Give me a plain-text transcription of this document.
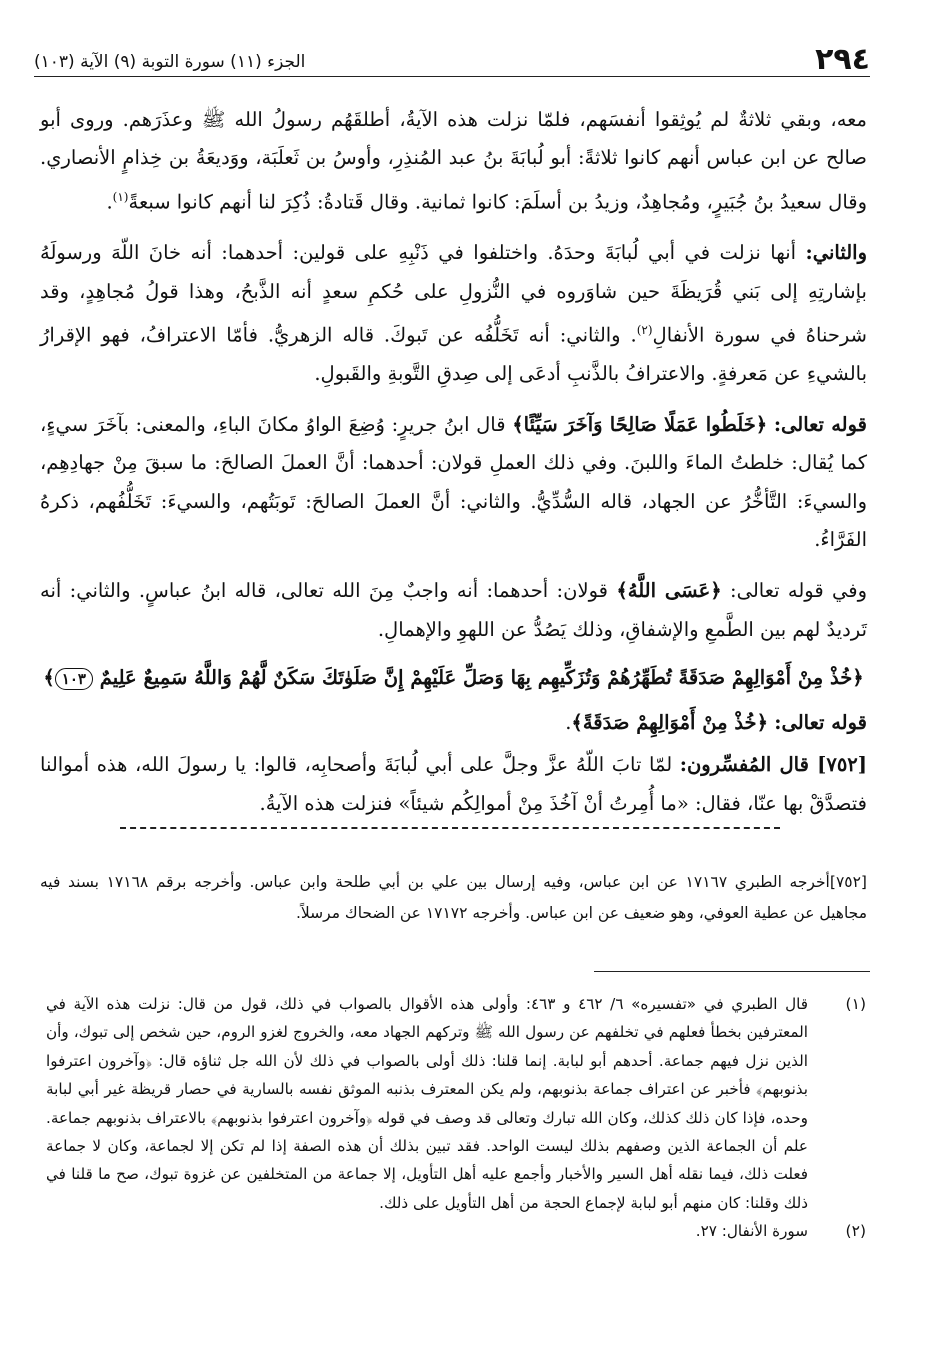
٢٩٤
الجزء (١١) سورة التوبة (٩) الآية (١٠٣)

معه، وبقي ثلاثةٌ لم يُوثِقوا أنفسَهم، فلمّا نزلت هذه الآيةُ، أطلقَهُم رسولُ الله ﷺ وعذَرَهم. وروى أبو صالح عن ابن عباس أنهم كانوا ثلاثةً: أبو لُبابَةَ بنُ عبد المُنذِرِ، وأوسُ بن ثَعلَبَة، ووَديعَةُ بن خِذامٍ الأنصاري. وقال سعيدُ بنُ جُبَيرٍ، ومُجاهِدٌ، وزيدُ بن أسلَمَ: كانوا ثمانية. وقال قَتادةُ: ذُكِرَ لنا أنهم كانوا سبعةً$^{(١)}$.

والثاني: أنها نزلت في أبي لُبابَةَ وحدَهُ. واختلفوا في ذَنْبِهِ على قولين: أحدهما: أنه خانَ اللّهَ ورسولَهُ بإشارتِهِ إلى بَني قُرَيظَةَ حين شاوَروه في النُّزولِ على حُكمِ سعدٍ أنه الذَّبحُ، وهذا قولُ مُجاهِدٍ، وقد شرحناهُ في سورة الأنفالِ$^{(٢)}$. والثاني: أنه تَخَلُّفُه عن تَبوكَ. قاله الزهريُّ. فأمّا الاعترافُ، فهو الإقرارُ بالشيءِ عن مَعرفةٍ. والاعترافُ بالذَّنبِ أدعَى إلى صِدقِ التَّوبةِ والقَبولِ.

قوله تعالى: ﴿خَلَطُوا عَمَلًا صَالِحًا وَآخَرَ سَيِّئًا﴾ قال ابنُ جريرٍ: وُضِعَ الواوُ مكانَ الباءِ، والمعنى: بآخَرَ سيءٍ، كما يُقال: خلطتُ الماءَ واللبنَ. وفي ذلك العملِ قولان: أحدهما: أنَّ العملَ الصالحَ: ما سبقَ مِنْ جهادِهِم، والسيءَ: التَّأخُّرُ عن الجهاد، قاله السُّدِّيُّ. والثاني: أنَّ العملَ الصالحَ: تَوبَتُهم، والسيءَ: تَخَلُّفُهم، ذكرهُ الفَرَّاءُ.

وفي قوله تعالى: ﴿عَسَى اللَّهُ﴾ قولان: أحدهما: أنه واجبٌ مِنَ الله تعالى، قاله ابنُ عباسٍ. والثاني: أنه تَرديدٌ لهم بين الطَّمعِ والإشفاقِ، وذلك يَصُدُّ عن اللهوِ والإهمالِ.

﴿خُذْ مِنْ أَمْوَالِهِمْ صَدَقَةً تُطَهِّرُهُمْ وَتُزَكِّيهِم بِهَا وَصَلِّ عَلَيْهِمْ إِنَّ صَلَوٰتَكَ سَكَنٌ لَّهُمْ وَاللَّهُ سَمِيعٌ عَلِيمٌ ١٠٣﴾

قوله تعالى: ﴿خُذْ مِنْ أَمْوَالِهِمْ صَدَقَةً﴾.

[٧٥٢] قال المُفسِّرون: لمّا تابَ اللّهُ عزَّ وجلَّ على أبي لُبابَةَ وأصحابِه، قالوا: يا رسولَ الله، هذه أموالنا فتصدَّقْ بها عنّا، فقال: «ما أُمِرتُ أنْ آخُذَ مِنْ أموالِكُم شيئاً» فنزلت هذه الآيةُ.

[٧٥٢]أخرجه الطبري ١٧١٦٧ عن ابن عباس، وفيه إرسال بين علي بن أبي طلحة وابن عباس. وأخرجه برقم ١٧١٦٨ بسند فيه مجاهيل عن عطية العوفي، وهو ضعيف عن ابن عباس. وأخرجه ١٧١٧٢ عن الضحاك مرسلاً.

(١)
قال الطبري في «تفسيره» ٦/ ٤٦٢ و ٤٦٣: وأولى هذه الأقوال بالصواب في ذلك، قول من قال: نزلت هذه الآية في المعترفين بخطأ فعلهم في تخلفهم عن رسول الله ﷺ وتركهم الجهاد معه، والخروج لغزو الروم، حين شخص إلى تبوك، وأن الذين نزل فيهم جماعة. أحدهم أبو لبابة. إنما قلنا: ذلك أولى بالصواب في ذلك لأن الله جل ثناؤه قال: ﴿وآخرون اعترفوا بذنوبهم﴾ فأخبر عن اعتراف جماعة بذنوبهم، ولم يكن المعترف بذنبه الموثق نفسه بالسارية في حصار قريظة غير أبي لبابة وحده، فإذا كان ذلك كذلك، وكان الله تبارك وتعالى قد وصف في قوله ﴿وآخرون اعترفوا بذنوبهم﴾ بالاعتراف بذنوبهم جماعة. علم أن الجماعة الذين وصفهم بذلك ليست الواحد. فقد تبين بذلك أن هذه الصفة إذا لم تكن إلا لجماعة، وكان لا جماعة فعلت ذلك، فيما نقله أهل السير والأخبار وأجمع عليه أهل التأويل، إلا جماعة من المتخلفين عن غزوة تبوك، صح ما قلنا في ذلك وقلنا: كان منهم أبو لبابة لإجماع الحجة من أهل التأويل على ذلك.
(٢)
سورة الأنفال: ٢٧.
